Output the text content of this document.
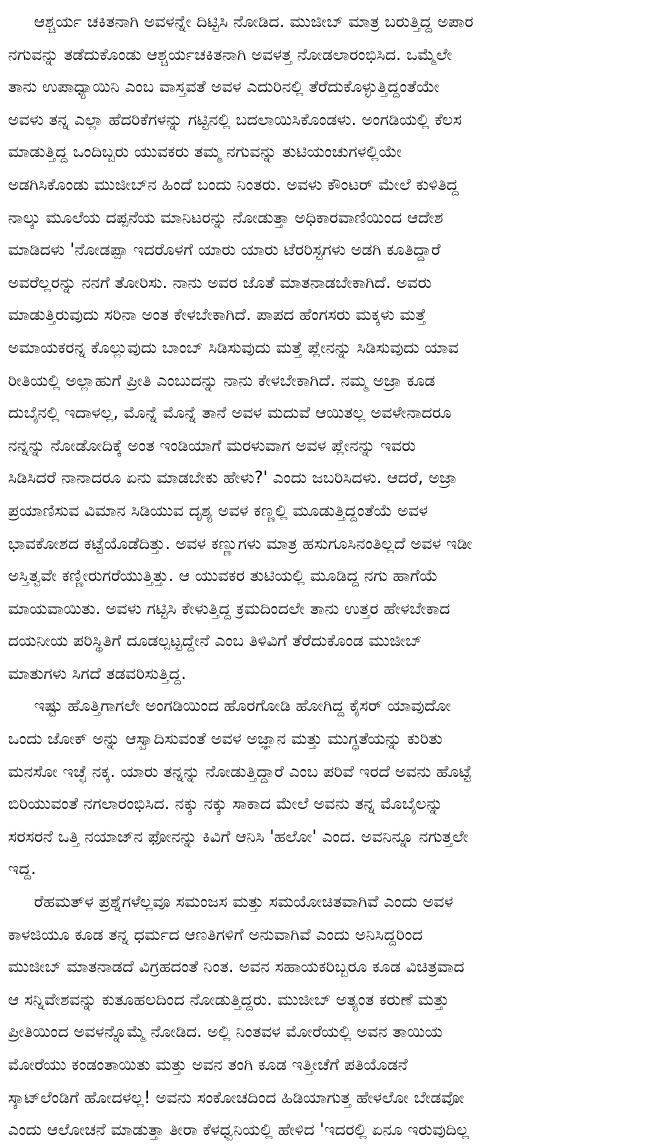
ಆಶ್ಚರ್ಯ ಚಕಿತನಾಗಿ ಅವಳನ್ನೇ ದಿಟ್ಟಿಸಿ ನೋಡಿದ. ಮುಜೀಬ್ ಮಾತ್ರ ಬರುತ್ತಿದ್ದ ಅಪಾರ
ನಗುವನ್ನು ತಡೆದುಕೊಂಡು ಆಶ್ಚರ್ಯಚಕಿತನಾಗಿ ಅವಳತ್ತ ನೋಡಲಾರಂಭಿಸಿದ. ಒಮ್ಮೆಲೇ
ತಾನು ಉಪಾಧ್ಯಾಯಿನಿ ಎಂಬ ವಾಸ್ತವತೆ ಅವಳ ಎದುರಿನಲ್ಲಿ ತೆರೆದುಕೊಳ್ಳುತ್ತಿದ್ದಂತೆಯೇ
ಅವಳು ತನ್ನ ಎಲ್ಲಾ ಹೆದರಿಕೆಗಳನ್ನು ಗಟ್ಟಿನಲ್ಲಿ ಬದಲಾಯಿಸಿಕೊಂಡಳು. ಅಂಗಡಿಯಲ್ಲಿ ಕೆಲಸ
ಮಾಡುತ್ತಿದ್ದ ಒಂದಿಬ್ಬರು ಯುವಕರು ತಮ್ಮ ನಗುವನ್ನು ತುಟಿಯಂಚುಗಳಲ್ಲಿಯೇ
ಅಡಗಿಸಿಕೊಂಡು ಮುಜೀಬ್‌ನ ಹಿಂದೆ ಬಂದು ನಿಂತರು. ಅವಳು ಕೌಂಟರ್ ಮೇಲೆ ಕುಳಿತಿದ್ದ
ನಾಲ್ಕು ಮೂಲೆಯ ದಪ್ಪನೆಯ ಮಾನಿಟರನ್ನು ನೋಡುತ್ತಾ ಅಧಿಕಾರವಾಣಿಯಿಂದ ಆದೇಶ
ಮಾಡಿದಳು 'ನೋಡಪ್ಪಾ ಇದರೊಳಗೆ ಯಾರು ಯಾರು ಟೆರರಿಸ್ಟಗಳು ಅಡಗಿ ಕೂತಿದ್ದಾರೆ
ಅವರೆಲ್ಲರನ್ನು ನನಗೆ ತೋರಿಸು. ನಾನು ಅವರ ಜೊತೆ ಮಾತನಾಡಬೇಕಾಗಿದೆ. ಅವರು
ಮಾಡುತ್ತಿರುವುದು ಸರಿನಾ ಅಂತ ಕೇಳಬೇಕಾಗಿದೆ. ಪಾಪದ ಹೆಂಗಸರು ಮಕ್ಕಳು ಮತ್ತೆ
ಅಮಾಯಕರನ್ನ ಕೊಲ್ಲುವುದು ಬಾಂಬ್ ಸಿಡಿಸುವುದು ಮತ್ತೆ ಪ್ಲೇನನ್ನು ಸಿಡಿಸುವುದು ಯಾವ
ರೀತಿಯಲ್ಲಿ ಅಲ್ಲಾಹುಗೆ ಪ್ರೀತಿ ಎಂಬುದನ್ನು ನಾನು ಕೇಳಬೇಕಾಗಿದೆ. ನಮ್ಮ ಅಜ್ರಾ ಕೂಡ
ದುಬೈನಲ್ಲಿ ಇದಾಳಲ್ಲ, ಮೊನ್ನೆ ಮೊನ್ನೆ ತಾನೆ ಅವಳ ಮದುವೆ ಆಯಿತಲ್ಲ ಅವಳೇನಾದರೂ
ನನ್ನನ್ನು ನೋಡೋದಿಕ್ಕೆ ಅಂತ ಇಂಡಿಯಾಗೆ ಮರಳುವಾಗ ಅವಳ ಪ್ಲೇನನ್ನು ಇವರು
ಸಿಡಿಸಿದರೆ ನಾನಾದರೂ ಏನು ಮಾಡಬೇಕು ಹೇಳು?' ಎಂದು ಜಬರಿಸಿದಳು. ಆದರೆ, ಅಜ್ರಾ
ಪ್ರಯಾಣಿಸುವ ವಿಮಾನ ಸಿಡಿಯುವ ದೃಶ್ಯ ಅವಳ ಕಣ್ಣಲ್ಲಿ ಮೂಡುತ್ತಿದ್ದಂತೆಯೆ ಅವಳ
ಭಾವಕೋಶದ ಕಟ್ಟೆಯೊಡೆದಿತ್ತು. ಅವಳ ಕಣ್ಣುಗಳು ಮಾತ್ರ ಹಸುಗೂಸಿನಂತಿಲ್ಲದೆ ಅವಳ ಇಡೀ
ಅಸ್ತಿತ್ವವೇ ಕಣ್ಣೀರುಗರೆಯುತ್ತಿತ್ತು. ಆ ಯುವಕರ ತುಟಿಯಲ್ಲಿ ಮೂಡಿದ್ದ ನಗು ಹಾಗೆಯೆ
ಮಾಯವಾಯಿತು. ಅವಳು ಗಟ್ಟಿಸಿ ಕೇಳುತ್ತಿದ್ದ ಕ್ರಮದಿಂದಲೇ ತಾನು ಉತ್ತರ ಹೇಳಬೇಕಾದ
ದಯನೀಯ ಪರಿಸ್ಥಿತಿಗೆ ದೂಡಲ್ಪಟ್ಟದ್ದೇನೆ ಎಂಬ ತಿಳಿವಿಗೆ ತೆರೆದುಕೊಂಡ ಮುಜೀಬ್
ಮಾತುಗಳು ಸಿಗದೆ ತಡವರಿಸುತ್ತಿದ್ದ.
ಇಷ್ಟು ಹೊತ್ತಿಗಾಗಲೇ ಅಂಗಡಿಯಿಂದ ಹೊರಗೋಡಿ ಹೋಗಿದ್ದ ಕೈಸರ್ ಯಾವುದೋ
ಒಂದು ಜೋಕ್ ಅನ್ನು ಆಸ್ವಾದಿಸುವಂತೆ ಅವಳ ಅಜ್ಞಾನ ಮತ್ತು ಮುಗ್ಧತೆಯನ್ನು ಕುರಿತು
ಮನಸೋ ಇಚ್ಛೆ ನಕ್ಕ. ಯಾರು ತನ್ನನ್ನು ನೋಡುತ್ತಿದ್ದಾರೆ ಎಂಬ ಪರಿವೆ ಇರದೆ ಅವನು ಹೊಟ್ಟೆ
ಬಿರಿಯುವಂತೆ ನಗಲಾರಂಭಿಸಿದ. ನಕ್ಕು ನಕ್ಕು ಸಾಕಾದ ಮೇಲೆ ಅವನು ತನ್ನ ಮೊಬೈಲನ್ನು
ಸರಸರನೆ ಒತ್ತಿ ನಯಾಜ್‌ನ ಫೋನನ್ನು ಕಿವಿಗೆ ಆನಿಸಿ 'ಹಲೋ' ಎಂದ. ಅವನಿನ್ನೂ ನಗುತ್ತಲೇ
ಇದ್ದ.
ರೆಹಮತ್‌ಳ ಪ್ರಶ್ನೆಗಳೆಲ್ಲವೂ ಸಮಂಜಸ ಮತ್ತು ಸಮಯೋಚಿತವಾಗಿವೆ ಎಂದು ಅವಳ
ಕಾಳಜಿಯೂ ಕೂಡ ತನ್ನ ಧರ್ಮದ ಆಣತಿಗಳಿಗೆ ಅನುವಾಗಿವೆ ಎಂದು ಅನಿಸಿದ್ದರಿಂದ
ಮುಜೀಬ್ ಮಾತನಾಡದೆ ವಿಗ್ರಹದಂತೆ ನಿಂತ. ಅವನ ಸಹಾಯಕರಿಬ್ಬರೂ ಕೂಡ ವಿಚಿತ್ರವಾದ
ಆ ಸನ್ನಿವೇಶವನ್ನು ಕುತೂಹಲದಿಂದ ನೋಡುತ್ತಿದ್ದರು. ಮುಜೀಬ್ ಅತ್ಯಂತ ಕರುಣೆ ಮತ್ತು
ಪ್ರೀತಿಯಿಂದ ಅವಳನ್ನೊಮ್ಮೆ ನೋಡಿದ. ಅಲ್ಲಿ ನಿಂತವಳ ಮೋರೆಯಲ್ಲಿ ಅವನ ತಾಯಿಯ
ಮೋರೆಯು ಕಂಡಂತಾಯಿತು ಮತ್ತು ಅವನ ತಂಗಿ ಕೂಡ ಇತ್ತೀಚೆಗೆ ಪತಿಯೊಡನೆ
ಸ್ಕಾಟ್‌ಲೆಂಡಿಗೆ ಹೋದಳಲ್ಲ! ಅವನು ಸಂಕೋಚದಿಂದ ಹಿಡಿಯಾಗುತ್ತ ಹೇಳಲೋ ಬೇಡವೋ
ಎಂದು ಆಲೋಚನೆ ಮಾಡುತ್ತಾ ತೀರಾ ಕೆಳಧ್ವನಿಯಲ್ಲಿ ಹೇಳಿದ 'ಇದರಲ್ಲಿ ಏನೂ ಇರುವುದಿಲ್ಲ
